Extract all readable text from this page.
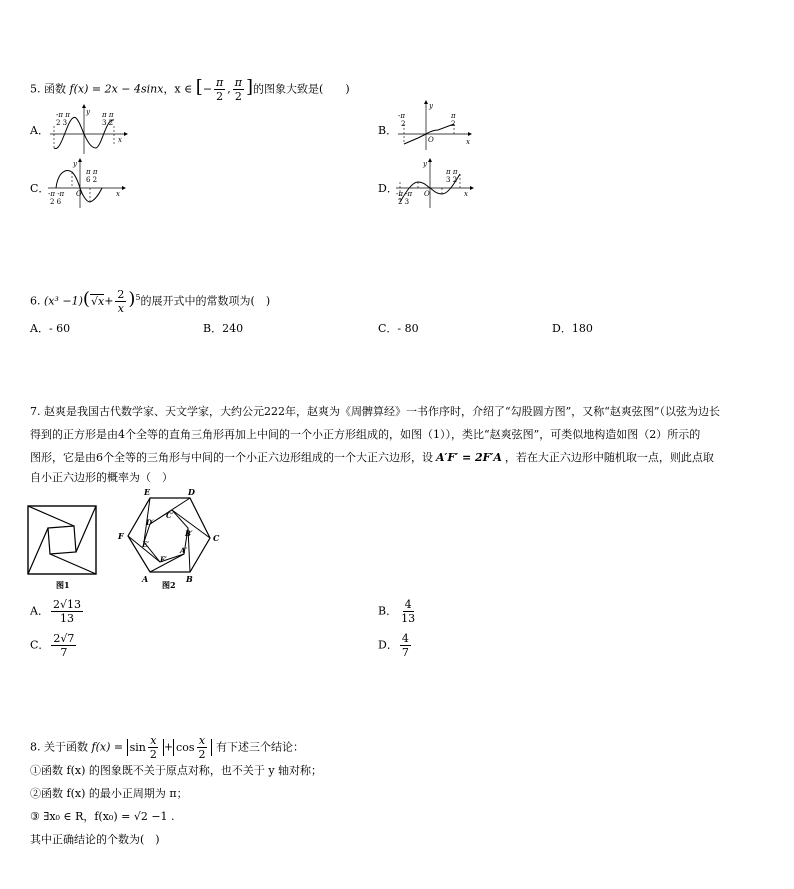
5. 函数 f(x) = 2x − 4sinx，x ∈ [− $\frac{\pi}{2}$ , $\frac{\pi}{2}$ ]的图象大致是(　　)
A．
-π π
2 3
π π
3 2
x
y
B．
-π
2
π
2
O	x
y
C．
π π
6 2
-π -π
2 6
x
y
O	D．
π π
3 2
-π -π
2 3
O	x
y
6. $(x^3 -1)(√x+ \frac{2}{x} )^5$的展开式中的常数项为(　)
A．- 60	B．240	C．- 80	D．180
7. 赵爽是我国古代数学家、天文学家，大约公元222年，赵爽为《周髀算经》一书作序时，介绍了“勾股圆方图”，又称“赵爽弦图”（以弦为边长
得到的正方形是由4个全等的直角三角形再加上中间的一个小正方形组成的，如图（1）），类比“赵爽弦图”，可类似地构造如图（2）所示的
图形，它是由6个全等的三角形与中间的一个小正六边形组成的一个大正六边形，设 A′F′ = 2F′A ，若在大正六边形中随机取一点，则此点取
自小正六边形的概率为（　）
图1
A	B
C
D
E
F
A′
B′
C′
D′
E′
F′
图2
A． $\frac{2√13}{13}$	B． $\frac{4}{13}$
C． $\frac{2√7}{7}$	D． $\frac{4}{7}$
8. 关于函数 $f(x) = \sin \frac{x}{2} + \cos \frac{x}{2}$ 有下述三个结论：
①函数 f(x) 的图象既不关于原点对称，也不关于 y 轴对称；
②函数 f(x) 的最小正周期为 π；
③ ∃x₀ ∈ R，f(x₀) = √2 −1 .
其中正确结论的个数为(　)
